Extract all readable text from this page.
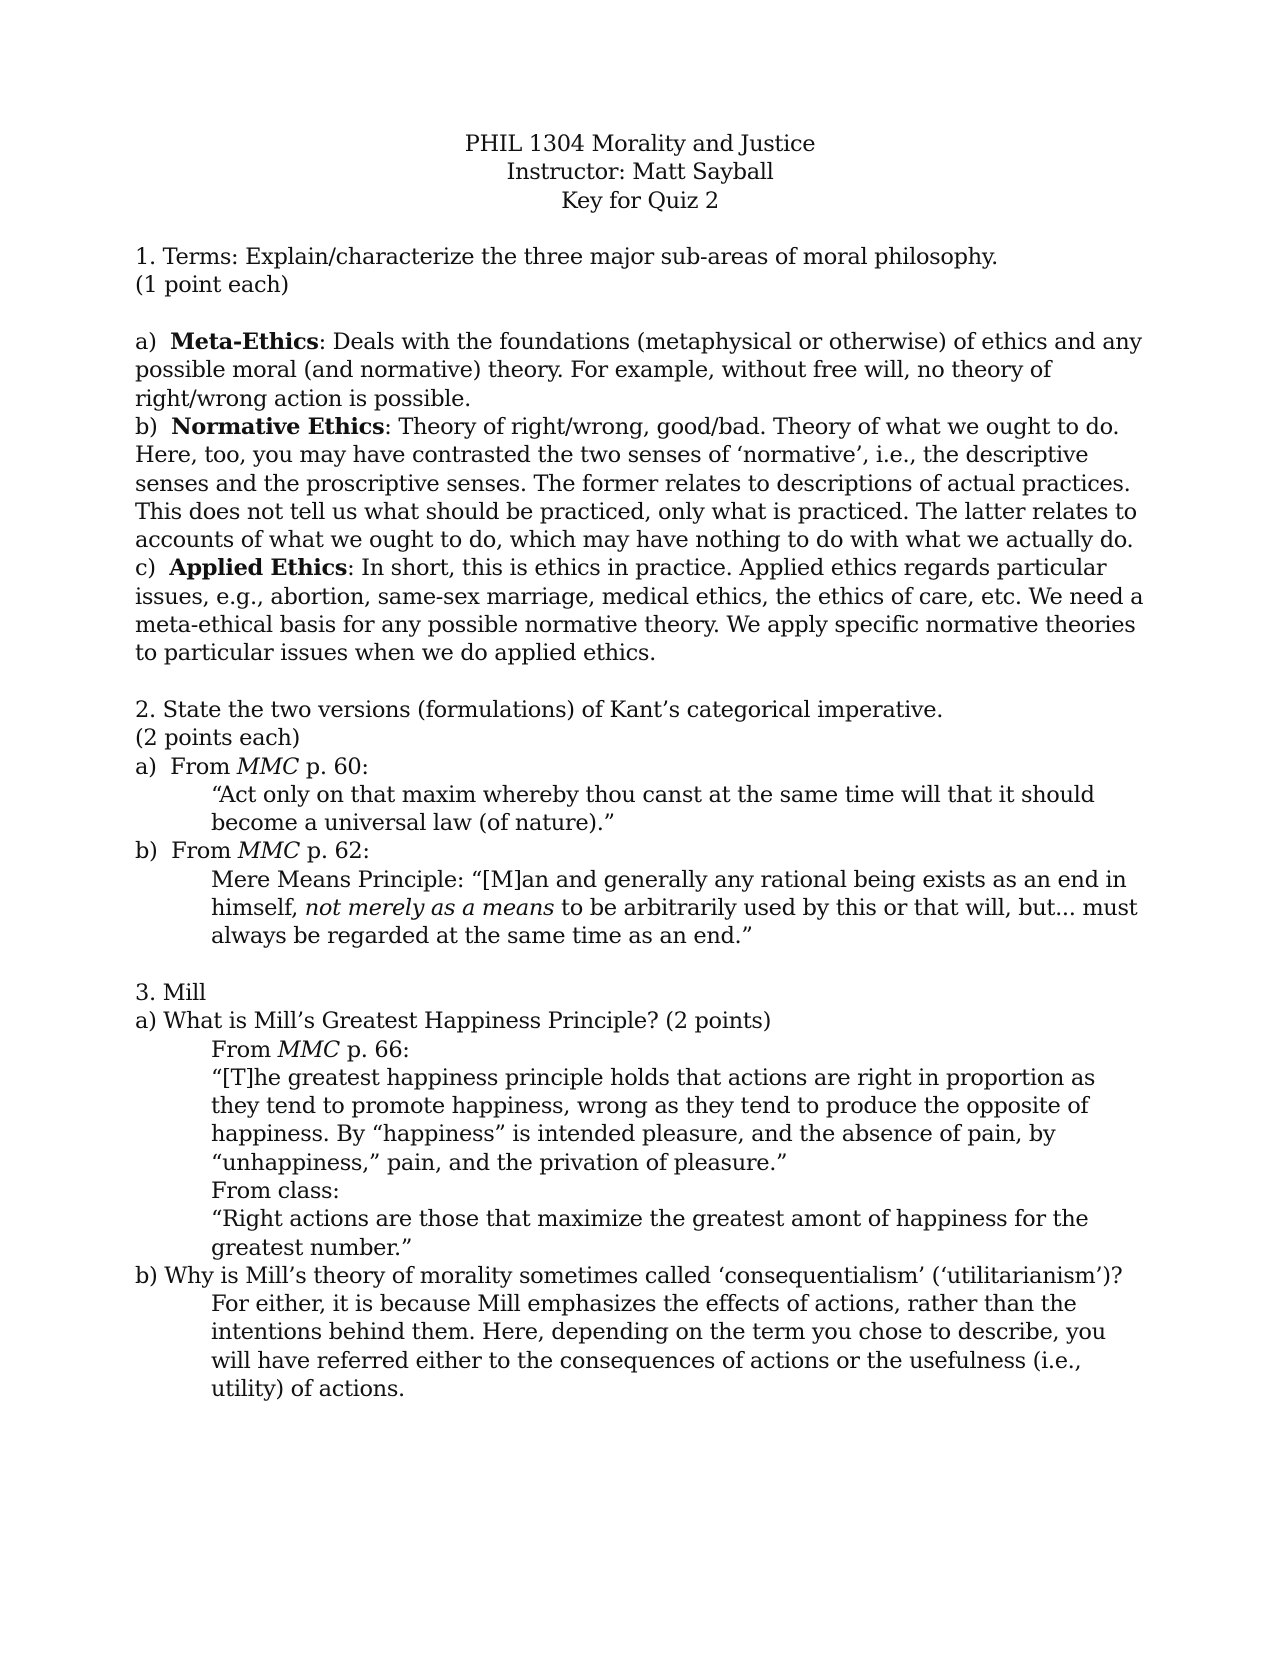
PHIL 1304 Morality and Justice

Instructor: Matt Sayball

Key for Quiz 2

1. Terms: Explain/characterize the three major sub-areas of moral philosophy.

(1 point each)

a)  Meta-Ethics: Deals with the foundations (metaphysical or otherwise) of ethics and any possible moral (and normative) theory. For example, without free will, no theory of right/wrong action is possible.

b)  Normative Ethics: Theory of right/wrong, good/bad. Theory of what we ought to do. Here, too, you may have contrasted the two senses of ‘normative’, i.e., the descriptive senses and the proscriptive senses. The former relates to descriptions of actual practices. This does not tell us what should be practiced, only what is practiced. The latter relates to accounts of what we ought to do, which may have nothing to do with what we actually do.

c)  Applied Ethics: In short, this is ethics in practice. Applied ethics regards particular issues, e.g., abortion, same-sex marriage, medical ethics, the ethics of care, etc. We need a meta-ethical basis for any possible normative theory. We apply specific normative theories to particular issues when we do applied ethics.

2. State the two versions (formulations) of Kant’s categorical imperative.

(2 points each)

a)  From MMC p. 60:

“Act only on that maxim whereby thou canst at the same time will that it should become a universal law (of nature).”

b)  From MMC p. 62:

Mere Means Principle: “[M]an and generally any rational being exists as an end in himself, not merely as a means to be arbitrarily used by this or that will, but... must always be regarded at the same time as an end.”

3. Mill

a) What is Mill’s Greatest Happiness Principle? (2 points)

From MMC p. 66:

“[T]he greatest happiness principle holds that actions are right in proportion as they tend to promote happiness, wrong as they tend to produce the opposite of happiness. By “happiness” is intended pleasure, and the absence of pain, by “unhappiness,” pain, and the privation of pleasure.”

From class:

“Right actions are those that maximize the greatest amont of happiness for the greatest number.”

b) Why is Mill’s theory of morality sometimes called ‘consequentialism’ (‘utilitarianism’)?

For either, it is because Mill emphasizes the effects of actions, rather than the intentions behind them. Here, depending on the term you chose to describe, you will have referred either to the consequences of actions or the usefulness (i.e., utility) of actions.
